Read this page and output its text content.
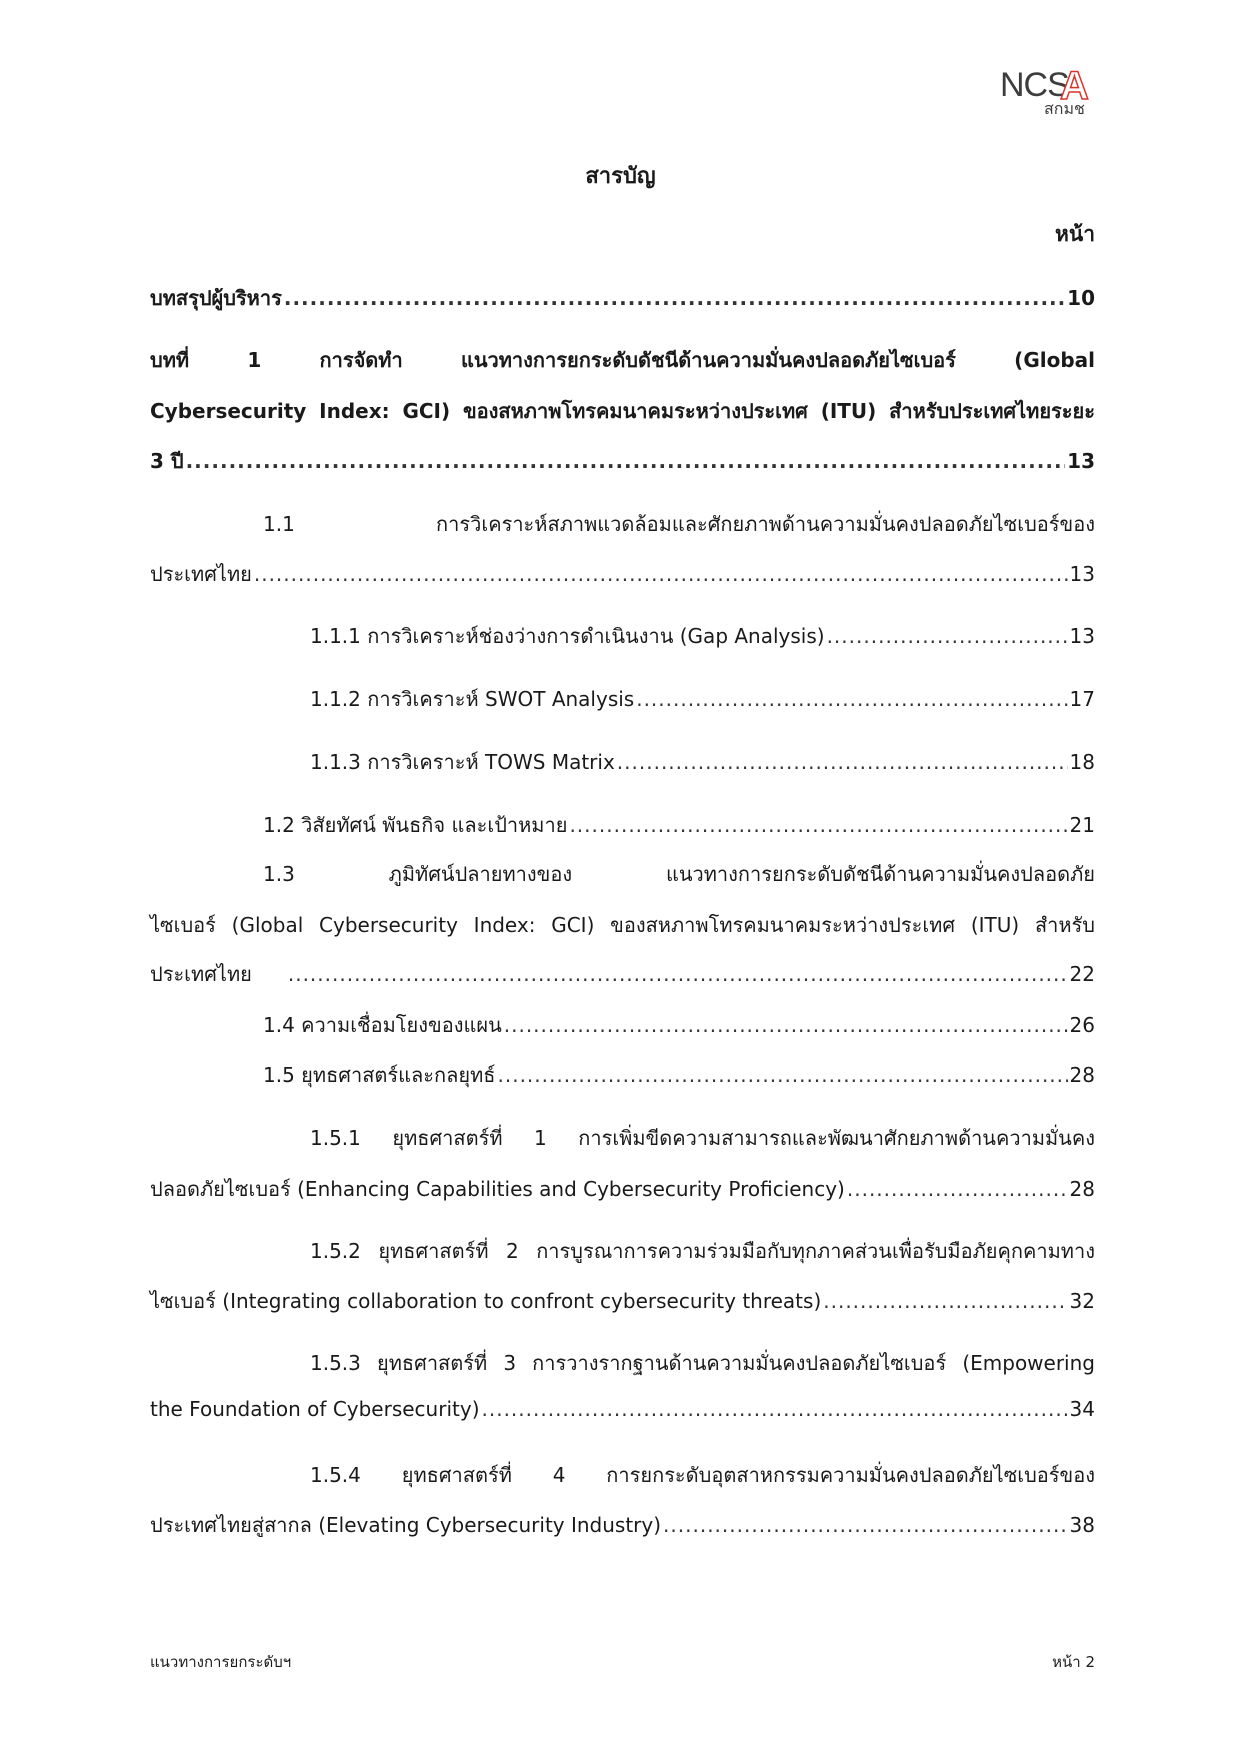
NCS
A
สกมช
สารบัญ
หน้า
บทสรุปผู้บริหาร .....	10
บทที่ 1 การจัดทำ แนวทางการยกระดับดัชนีด้านความมั่นคงปลอดภัยไซเบอร์ (Global
Cybersecurity Index: GCI) ของสหภาพโทรคมนาคมระหว่างประเทศ (ITU) สำหรับประเทศไทยระยะ
3 ปี .....	13
1.1 การวิเคราะห์สภาพแวดล้อมและศักยภาพด้านความมั่นคงปลอดภัยไซเบอร์ของ
ประเทศไทย .....	13
1.1.1 การวิเคราะห์ช่องว่างการดำเนินงาน (Gap Analysis) .....	13
1.1.2 การวิเคราะห์ SWOT Analysis .....	17
1.1.3 การวิเคราะห์ TOWS Matrix .....	18
1.2 วิสัยทัศน์ พันธกิจ และเป้าหมาย .....	21
1.3 ภูมิทัศน์ปลายทางของ แนวทางการยกระดับดัชนีด้านความมั่นคงปลอดภัย
ไซเบอร์ (Global Cybersecurity Index: GCI) ของสหภาพโทรคมนาคมระหว่างประเทศ (ITU) สำหรับ
ประเทศไทย .....	22
1.4 ความเชื่อมโยงของแผน .....	26
1.5 ยุทธศาสตร์และกลยุทธ์ .....	28
1.5.1 ยุทธศาสตร์ที่ 1 การเพิ่มขีดความสามารถและพัฒนาศักยภาพด้านความมั่นคง
ปลอดภัยไซเบอร์ (Enhancing Capabilities and Cybersecurity Proficiency) .....	28
1.5.2 ยุทธศาสตร์ที่ 2 การบูรณาการความร่วมมือกับทุกภาคส่วนเพื่อรับมือภัยคุกคามทาง
ไซเบอร์ (Integrating collaboration to confront cybersecurity threats) .....	32
1.5.3 ยุทธศาสตร์ที่ 3 การวางรากฐานด้านความมั่นคงปลอดภัยไซเบอร์ (Empowering
the Foundation of Cybersecurity) .....	34
1.5.4 ยุทธศาสตร์ที่ 4 การยกระดับอุตสาหกรรมความมั่นคงปลอดภัยไซเบอร์ของ
ประเทศไทยสู่สากล (Elevating Cybersecurity Industry) .....	38
แนวทางการยกระดับฯ	หน้า 2
